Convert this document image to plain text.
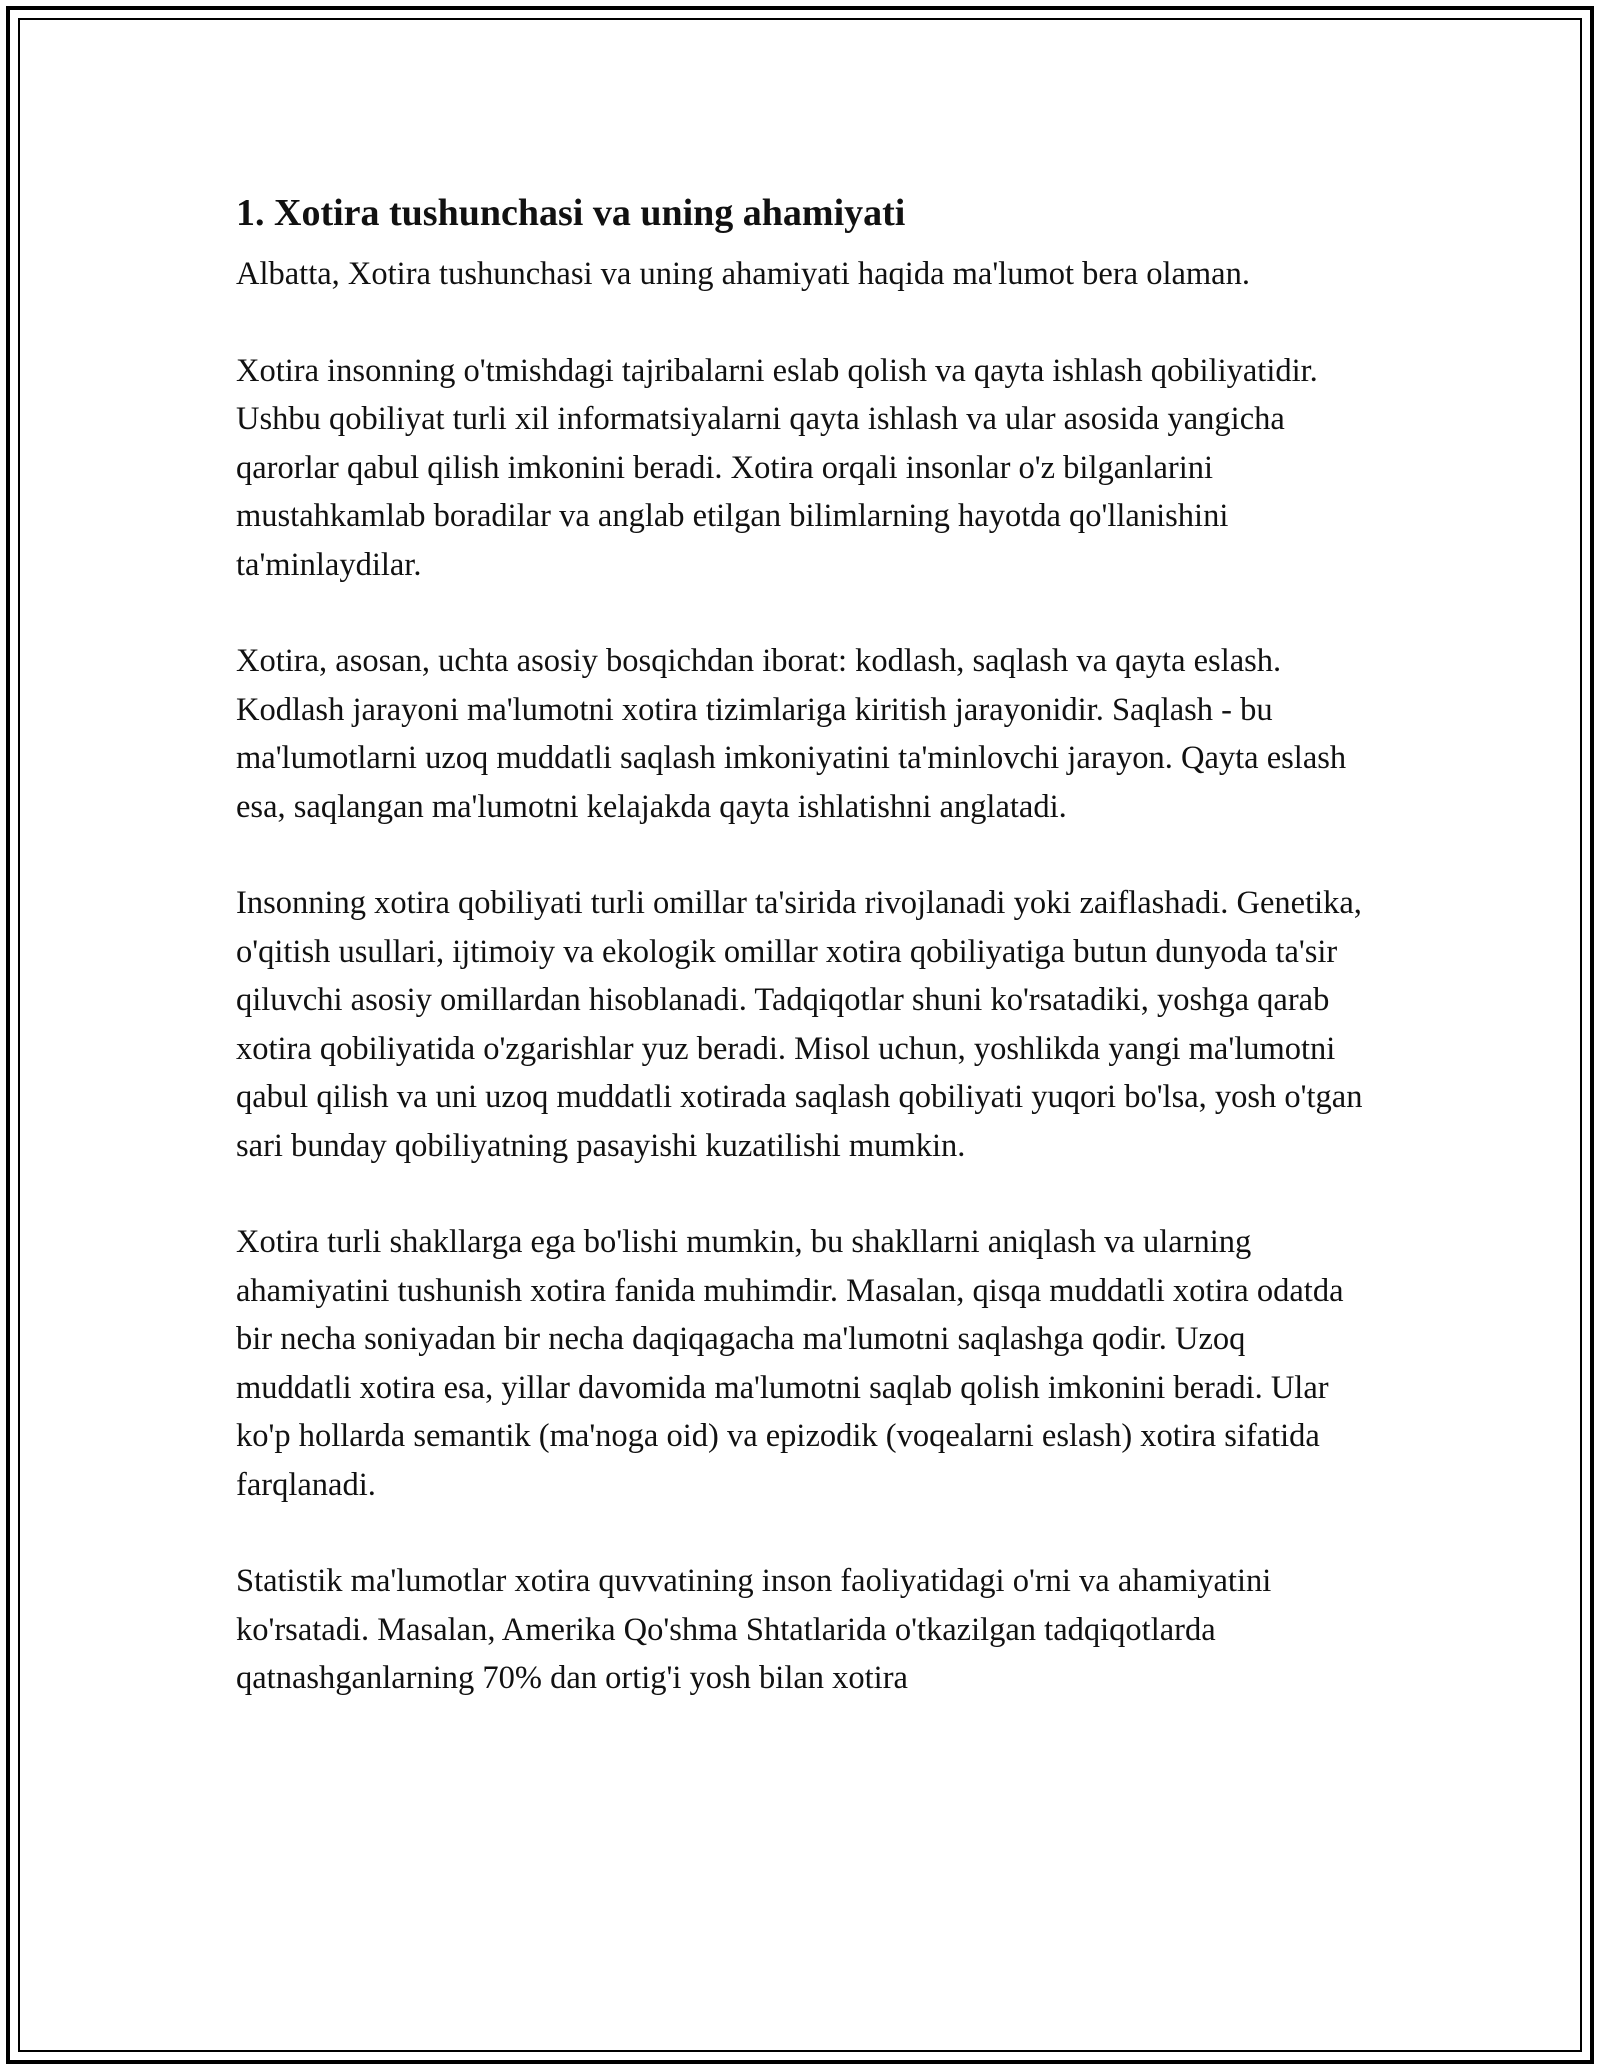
1. Xotira tushunchasi va uning ahamiyati

Albatta, Xotira tushunchasi va uning ahamiyati haqida ma'lumot bera olaman.

Xotira insonning o'tmishdagi tajribalarni eslab qolish va qayta ishlash qobiliyatidir. Ushbu qobiliyat turli xil informatsiyalarni qayta ishlash va ular asosida yangicha qarorlar qabul qilish imkonini beradi. Xotira orqali insonlar o'z bilganlarini mustahkamlab boradilar va anglab etilgan bilimlarning hayotda qo'llanishini ta'minlaydilar.

Xotira, asosan, uchta asosiy bosqichdan iborat: kodlash, saqlash va qayta eslash. Kodlash jarayoni ma'lumotni xotira tizimlariga kiritish jarayonidir. Saqlash - bu ma'lumotlarni uzoq muddatli saqlash imkoniyatini ta'minlovchi jarayon. Qayta eslash esa, saqlangan ma'lumotni kelajakda qayta ishlatishni anglatadi.

Insonning xotira qobiliyati turli omillar ta'sirida rivojlanadi yoki zaiflashadi. Genetika, o'qitish usullari, ijtimoiy va ekologik omillar xotira qobiliyatiga butun dunyoda ta'sir qiluvchi asosiy omillardan hisoblanadi. Tadqiqotlar shuni ko'rsatadiki, yoshga qarab xotira qobiliyatida o'zgarishlar yuz beradi. Misol uchun, yoshlikda yangi ma'lumotni qabul qilish va uni uzoq muddatli xotirada saqlash qobiliyati yuqori bo'lsa, yosh o'tgan sari bunday qobiliyatning pasayishi kuzatilishi mumkin.

Xotira turli shakllarga ega bo'lishi mumkin, bu shakllarni aniqlash va ularning ahamiyatini tushunish xotira fanida muhimdir. Masalan, qisqa muddatli xotira odatda bir necha soniyadan bir necha daqiqagacha ma'lumotni saqlashga qodir. Uzoq muddatli xotira esa, yillar davomida ma'lumotni saqlab qolish imkonini beradi. Ular ko'p hollarda semantik (ma'noga oid) va epizodik (voqealarni eslash) xotira sifatida farqlanadi.

Statistik ma'lumotlar xotira quvvatining inson faoliyatidagi o'rni va ahamiyatini ko'rsatadi. Masalan, Amerika Qo'shma Shtatlarida o'tkazilgan tadqiqotlarda qatnashganlarning 70% dan ortig'i yosh bilan xotira
